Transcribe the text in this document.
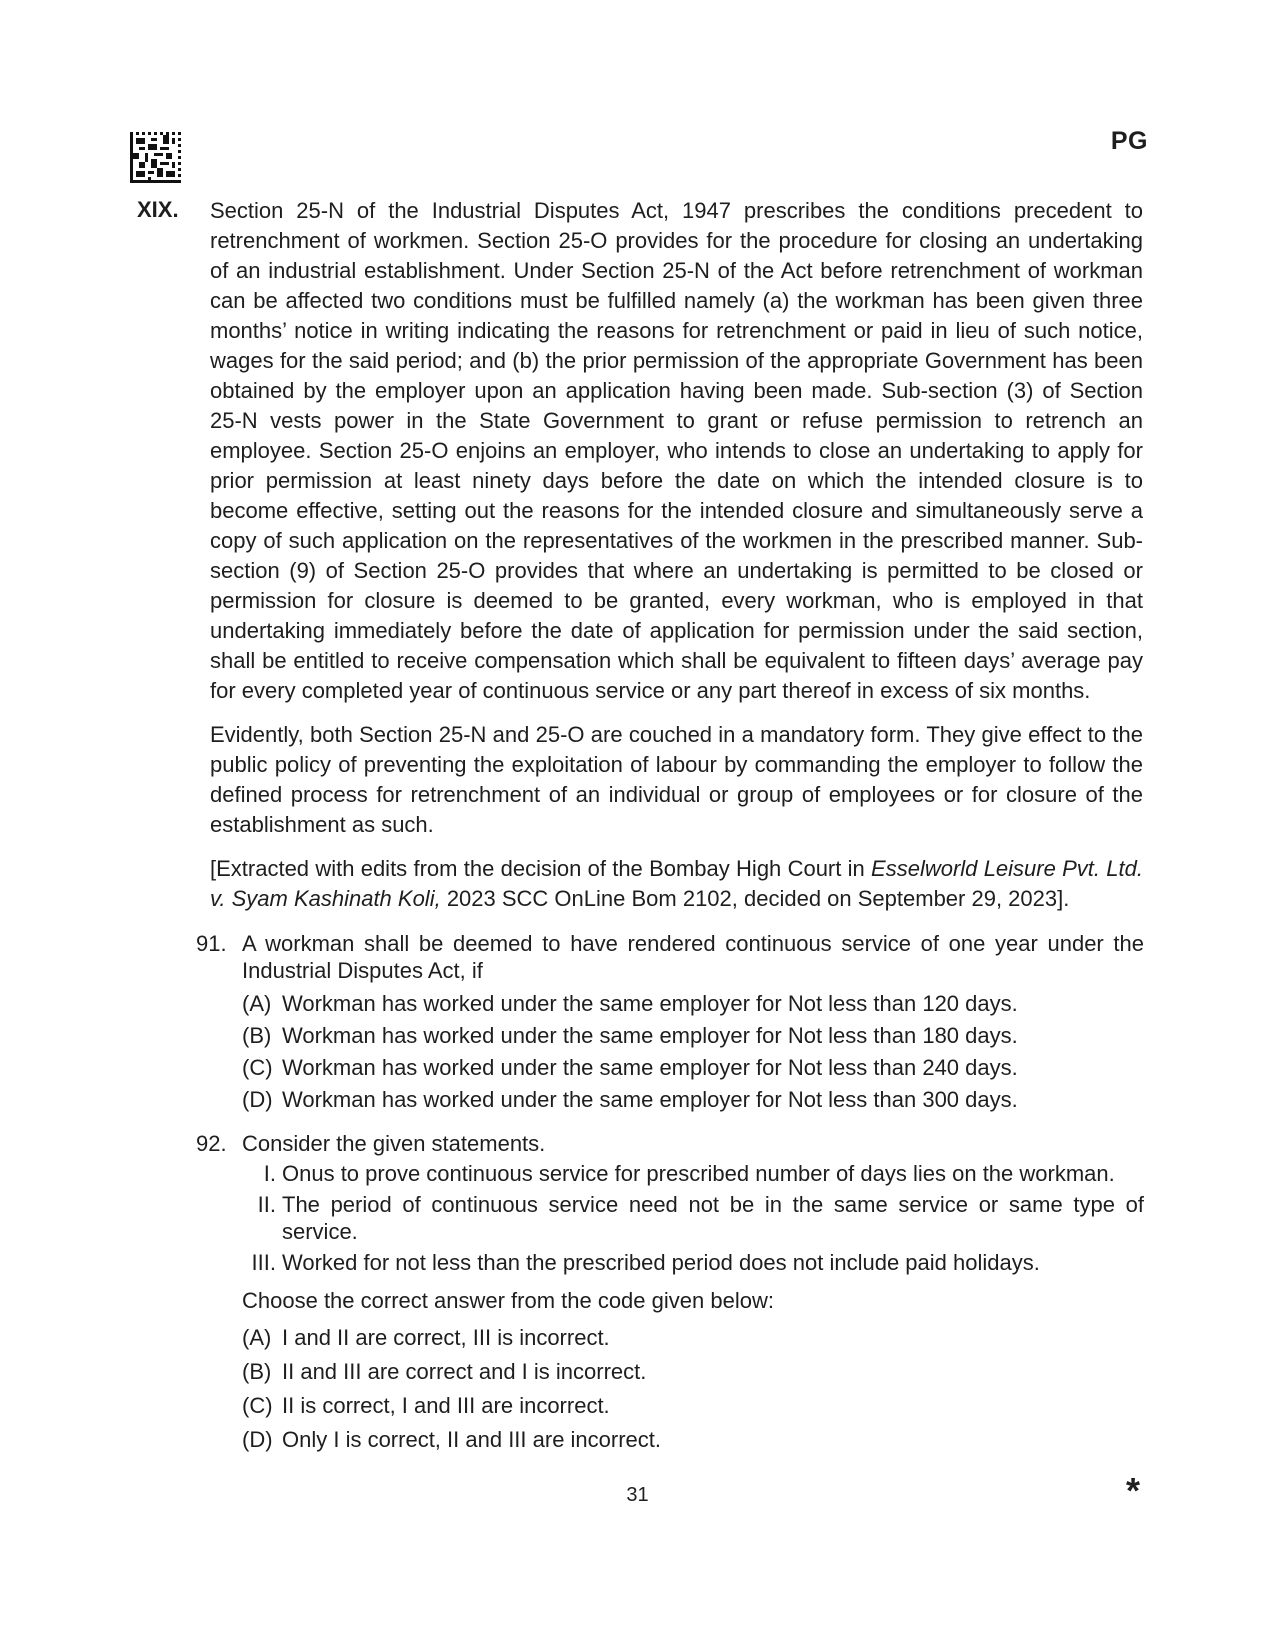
PG
XIX. Section 25-N of the Industrial Disputes Act, 1947 prescribes the conditions precedent to retrenchment of workmen. Section 25-O provides for the procedure for closing an undertaking of an industrial establishment. Under Section 25-N of the Act before retrenchment of workman can be affected two conditions must be fulfilled namely (a) the workman has been given three months’ notice in writing indicating the reasons for retrenchment or paid in lieu of such notice, wages for the said period; and (b) the prior permission of the appropriate Government has been obtained by the employer upon an application having been made. Sub-section (3) of Section 25-N vests power in the State Government to grant or refuse permission to retrench an employee. Section 25-O enjoins an employer, who intends to close an undertaking to apply for prior permission at least ninety days before the date on which the intended closure is to become effective, setting out the reasons for the intended closure and simultaneously serve a copy of such application on the representatives of the workmen in the prescribed manner. Sub-section (9) of Section 25-O provides that where an undertaking is permitted to be closed or permission for closure is deemed to be granted, every workman, who is employed in that undertaking immediately before the date of application for permission under the said section, shall be entitled to receive compensation which shall be equivalent to fifteen days’ average pay for every completed year of continuous service or any part thereof in excess of six months.

Evidently, both Section 25-N and 25-O are couched in a mandatory form. They give effect to the public policy of preventing the exploitation of labour by commanding the employer to follow the defined process for retrenchment of an individual or group of employees or for closure of the establishment as such.

[Extracted with edits from the decision of the Bombay High Court in Esselworld Leisure Pvt. Ltd. v. Syam Kashinath Koli, 2023 SCC OnLine Bom 2102, decided on September 29, 2023].

91. A workman shall be deemed to have rendered continuous service of one year under the Industrial Disputes Act, if
(A) Workman has worked under the same employer for Not less than 120 days.
(B) Workman has worked under the same employer for Not less than 180 days.
(C) Workman has worked under the same employer for Not less than 240 days.
(D) Workman has worked under the same employer for Not less than 300 days.
92. Consider the given statements.
I. Onus to prove continuous service for prescribed number of days lies on the workman.
II. The period of continuous service need not be in the same service or same type of service.
III. Worked for not less than the prescribed period does not include paid holidays.
Choose the correct answer from the code given below:
(A) I and II are correct, III is incorrect.
(B) II and III are correct and I is incorrect.
(C) II is correct, I and III are incorrect.
(D) Only I is correct, II and III are incorrect.
31	*
